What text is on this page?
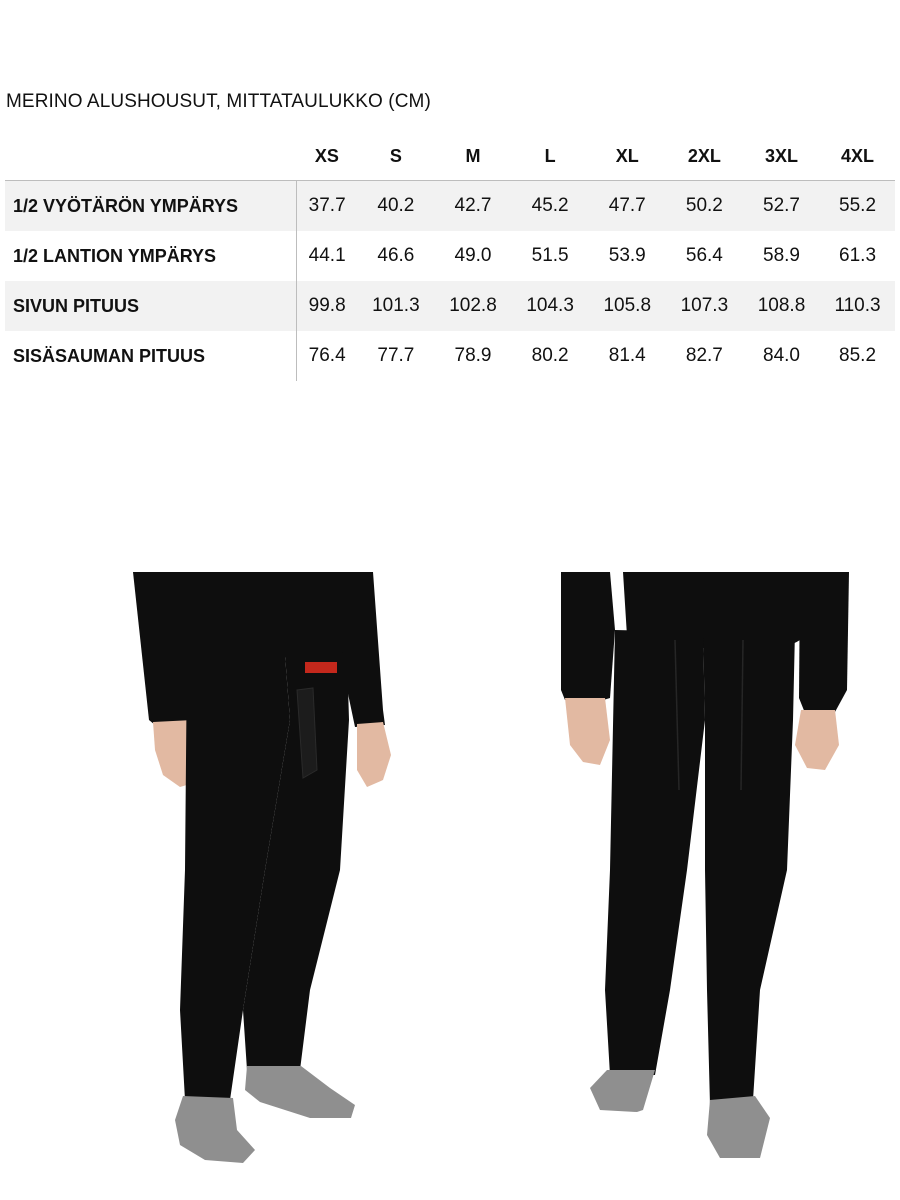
MERINO ALUSHOUSUT, MITTATAULUKKO (CM)
	XS	S	M	L	XL	2XL	3XL	4XL
1/2 VYÖTÄRÖN YMPÄRYS	37.7	40.2	42.7	45.2	47.7	50.2	52.7	55.2
1/2 LANTION YMPÄRYS	44.1	46.6	49.0	51.5	53.9	56.4	58.9	61.3
SIVUN PITUUS	99.8	101.3	102.8	104.3	105.8	107.3	108.8	110.3
SISÄSAUMAN PITUUS	76.4	77.7	78.9	80.2	81.4	82.7	84.0	85.2
